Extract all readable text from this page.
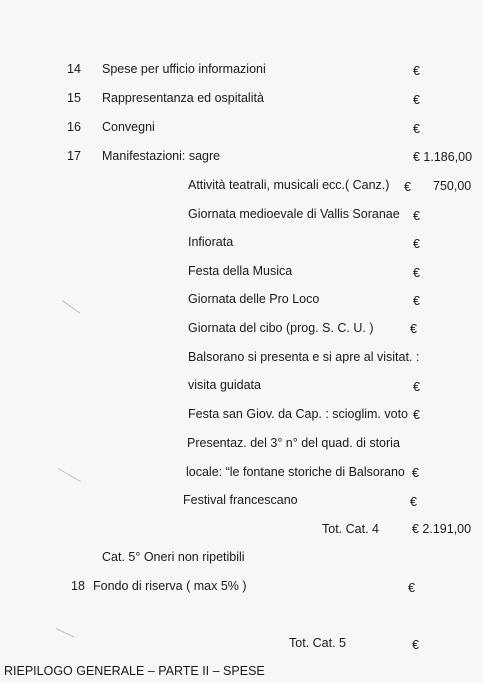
14 Spese per ufficio informazioni	€
15 Rappresentanza ed ospitalità	€
16 Convegni	€
17 Manifestazioni: sagre	€ 1.186,00
Attività teatrali, musicali ecc.( Canz.) € 750,00
Giornata medioevale di Vallis Soranae €
Infiorata	€
Festa della Musica	€
Giornata delle Pro Loco	€
Giornata del cibo (prog. S. C. U. )	€
Balsorano si presenta e si apre al visitat. :
visita guidata	€
Festa san Giov. da Cap. : scioglіm. voto €
Presentaz. del 3° n° del quad. di storia
locale: “le fontane storiche di Balsorano €
Festival francescano	€
Tot. Cat. 4	€ 2.191,00
Cat. 5° Oneri non ripetibili
18 Fondo di riserva ( max 5% )	€
Tot. Cat. 5	€
RIEPILOGO GENERALE – PARTE II – SPESE
